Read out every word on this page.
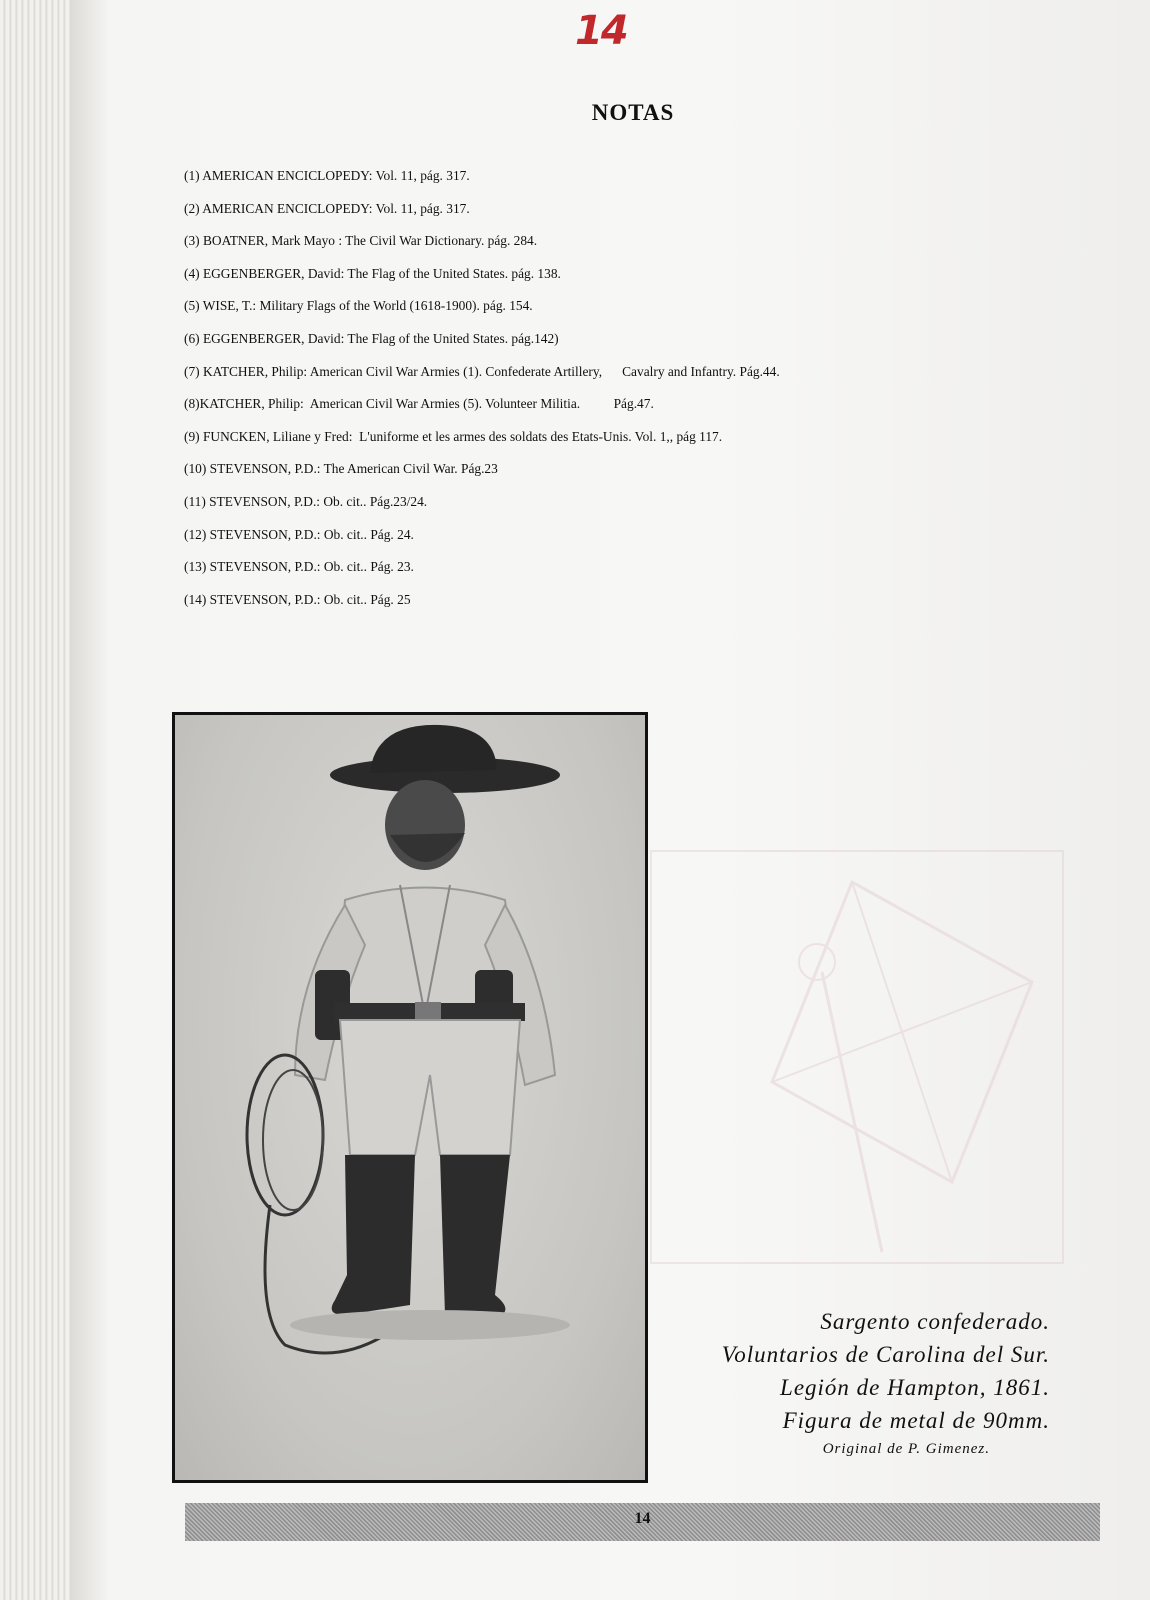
14
NOTAS
(1) AMERICAN ENCICLOPEDY: Vol. 11, pág. 317.
(2) AMERICAN ENCICLOPEDY: Vol. 11, pág. 317.
(3) BOATNER, Mark Mayo : The Civil War Dictionary. pág. 284.
(4) EGGENBERGER, David: The Flag of the United States. pág. 138.
(5) WISE, T.: Military Flags of the World (1618-1900). pág. 154.
(6) EGGENBERGER, David: The Flag of the United States. pág.142)
(7) KATCHER, Philip: American Civil War Armies (1). Confederate Artillery,      Cavalry and Infantry. Pág.44.
(8)KATCHER, Philip:  American Civil War Armies (5). Volunteer Militia.          Pág.47.
(9) FUNCKEN, Liliane y Fred:  L'uniforme et les armes des soldats des Etats-Unis. Vol. 1,, pág 117.
(10) STEVENSON, P.D.: The American Civil War. Pág.23
(11) STEVENSON, P.D.: Ob. cit.. Pág.23/24.
(12) STEVENSON, P.D.: Ob. cit.. Pág. 24.
(13) STEVENSON, P.D.: Ob. cit.. Pág. 23.
(14) STEVENSON, P.D.: Ob. cit.. Pág. 25
Sargento confederado.
Voluntarios de Carolina del Sur.
Legión de Hampton, 1861.
Figura de metal de 90mm.
Original de P. Gimenez.
14
